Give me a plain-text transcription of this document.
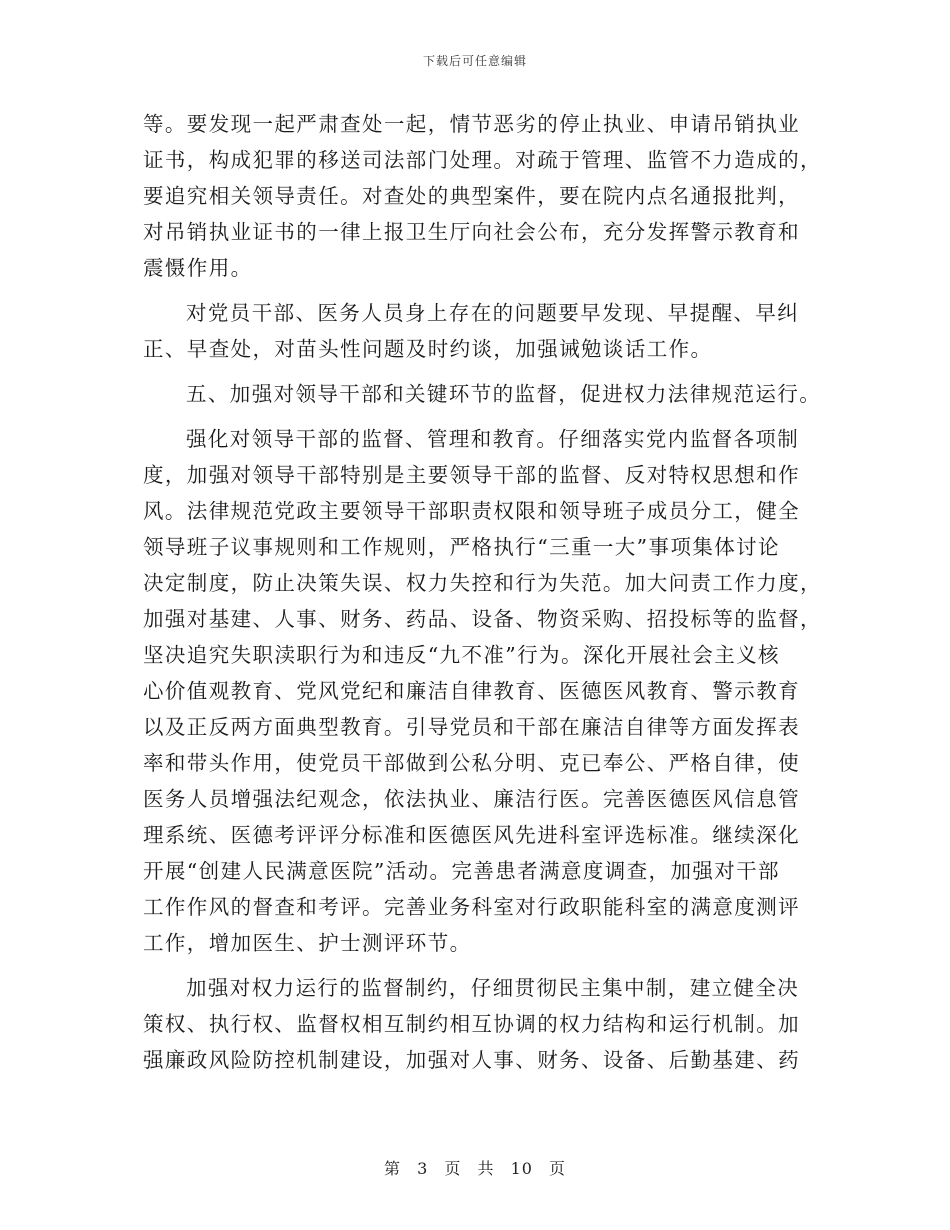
下载后可任意编辑
等。要发现一起严肃查处一起，情节恶劣的停止执业、申请吊销执业
证书，构成犯罪的移送司法部门处理。对疏于管理、监管不力造成的，
要追究相关领导责任。对查处的典型案件，要在院内点名通报批判，
对吊销执业证书的一律上报卫生厅向社会公布，充分发挥警示教育和
震慑作用。
对党员干部、医务人员身上存在的问题要早发现、早提醒、早纠
正、早查处，对苗头性问题及时约谈，加强诫勉谈话工作。
五、加强对领导干部和关键环节的监督，促进权力法律规范运行。
强化对领导干部的监督、管理和教育。仔细落实党内监督各项制
度，加强对领导干部特别是主要领导干部的监督、反对特权思想和作
风。法律规范党政主要领导干部职责权限和领导班子成员分工，健全
领导班子议事规则和工作规则，严格执行“三重一大”事项集体讨论
决定制度，防止决策失误、权力失控和行为失范。加大问责工作力度，
加强对基建、人事、财务、药品、设备、物资采购、招投标等的监督，
坚决追究失职渎职行为和违反“九不准”行为。深化开展社会主义核
心价值观教育、党风党纪和廉洁自律教育、医德医风教育、警示教育
以及正反两方面典型教育。引导党员和干部在廉洁自律等方面发挥表
率和带头作用，使党员干部做到公私分明、克已奉公、严格自律，使
医务人员增强法纪观念，依法执业、廉洁行医。完善医德医风信息管
理系统、医德考评评分标准和医德医风先进科室评选标准。继续深化
开展“创建人民满意医院”活动。完善患者满意度调查，加强对干部
工作作风的督查和考评。完善业务科室对行政职能科室的满意度测评
工作，增加医生、护士测评环节。
加强对权力运行的监督制约，仔细贯彻民主集中制，建立健全决
策权、执行权、监督权相互制约相互协调的权力结构和运行机制。加
强廉政风险防控机制建设，加强对人事、财务、设备、后勤基建、药
第 3 页 共 10 页
